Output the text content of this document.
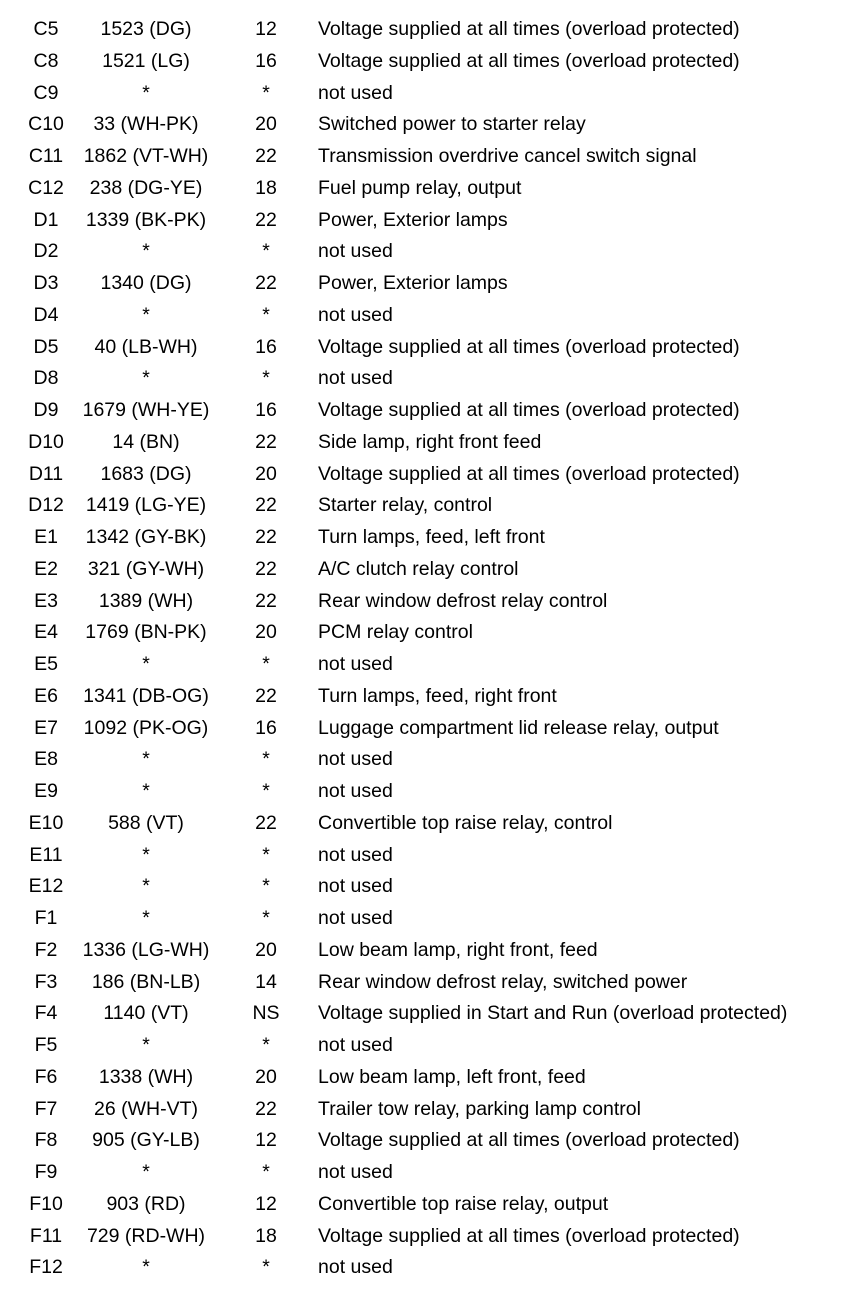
C5	1523 (DG)	12	Voltage supplied at all times (overload protected)
C8	1521 (LG)	16	Voltage supplied at all times (overload protected)
C9	*	*	not used
C10	33 (WH-PK)	20	Switched power to starter relay
C11	1862 (VT-WH)	22	Transmission overdrive cancel switch signal
C12	238 (DG-YE)	18	Fuel pump relay, output
D1	1339 (BK-PK)	22	Power, Exterior lamps
D2	*	*	not used
D3	1340 (DG)	22	Power, Exterior lamps
D4	*	*	not used
D5	40 (LB-WH)	16	Voltage supplied at all times (overload protected)
D8	*	*	not used
D9	1679 (WH-YE)	16	Voltage supplied at all times (overload protected)
D10	14 (BN)	22	Side lamp, right front feed
D11	1683 (DG)	20	Voltage supplied at all times (overload protected)
D12	1419 (LG-YE)	22	Starter relay, control
E1	1342 (GY-BK)	22	Turn lamps, feed, left front
E2	321 (GY-WH)	22	A/C clutch relay control
E3	1389 (WH)	22	Rear window defrost relay control
E4	1769 (BN-PK)	20	PCM relay control
E5	*	*	not used
E6	1341 (DB-OG)	22	Turn lamps, feed, right front
E7	1092 (PK-OG)	16	Luggage compartment lid release relay, output
E8	*	*	not used
E9	*	*	not used
E10	588 (VT)	22	Convertible top raise relay, control
E11	*	*	not used
E12	*	*	not used
F1	*	*	not used
F2	1336 (LG-WH)	20	Low beam lamp, right front, feed
F3	186 (BN-LB)	14	Rear window defrost relay, switched power
F4	1140 (VT)	NS	Voltage supplied in Start and Run (overload protected)
F5	*	*	not used
F6	1338 (WH)	20	Low beam lamp, left front, feed
F7	26 (WH-VT)	22	Trailer tow relay, parking lamp control
F8	905 (GY-LB)	12	Voltage supplied at all times (overload protected)
F9	*	*	not used
F10	903 (RD)	12	Convertible top raise relay, output
F11	729 (RD-WH)	18	Voltage supplied at all times (overload protected)
F12	*	*	not used
